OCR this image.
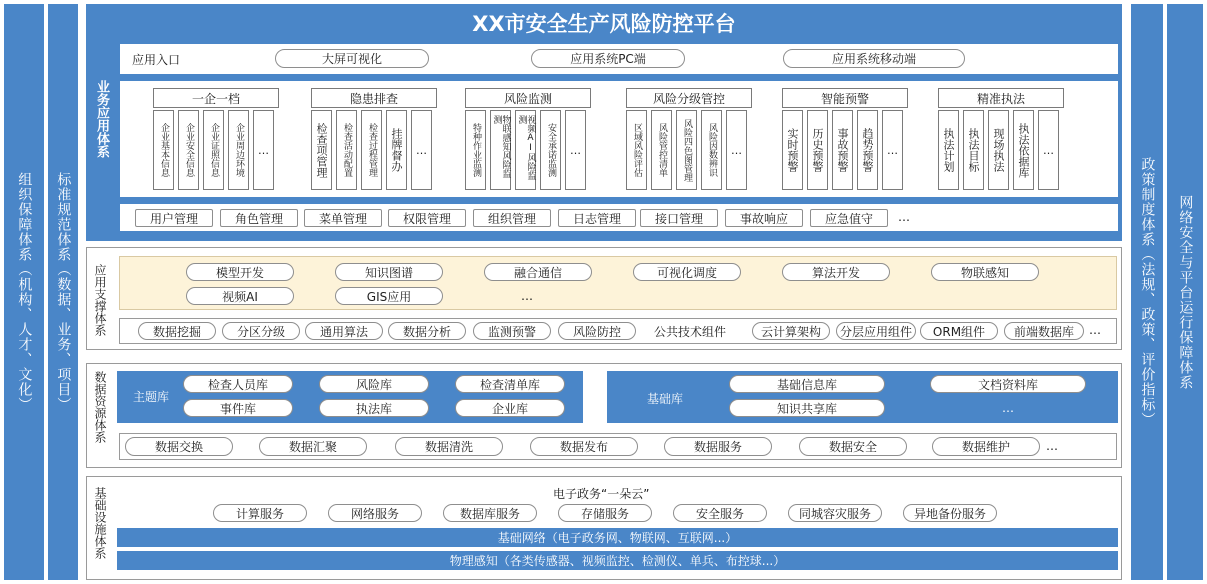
组织保障体系（机构、人才、文化） 标准规范体系（数据、业务、项目）	政策制度体系（法规、政策、评价指标） 网络安全与平台运行保障体系
XX市安全生产风险防控平台
业务应用体系
应用入口	大屏可视化	应用系统PC端	应用系统移动端
一企一档
企业基本信息	企业安全信息	企业证照信息	企业周边环境	…
隐患排查
检查项管理	检查活动配置	检查过程管理	挂牌督办	…
风险监测
特种作业监测	物联感知风险监测	视频AI风险监测
安全承诺监测	…
风险分级管控
区域风险评估	风险管控清单	风险四色图管理	风险因数辨识	…
智能预警
实时预警	历史预警	事故预警	趋势预警	…
精准执法
执法计划	执法目标	现场执法	执法依据库	…
用户管理	角色管理	菜单管理	权限管理	组织管理	日志管理	接口管理	事故响应	应急值守	…
应用支撑体系	模型开发	知识图谱	融合通信	可视化调度	算法开发	物联感知
视频AI	GIS应用	…
数据挖掘	分区分级	通用算法	数据分析	监测预警	风险防控	公共技术组件	云计算架构	分层应用组件	ORM组件	前端数据库	…
数据资源体系 主题库	基础库
检查人员库	风险库	检查清单库
事件库	执法库	企业库
基础信息库	文档资料库
知识共享库	…
数据交换	数据汇聚	数据清洗	数据发布	数据服务	数据安全	数据维护	…
基础设施体系	电子政务“一朵云”
计算服务	网络服务	数据库服务	存储服务	安全服务	同城容灾服务	异地备份服务
基础网络（电子政务网、物联网、互联网...）
物理感知（各类传感器、视频监控、检测仪、单兵、布控球...）
